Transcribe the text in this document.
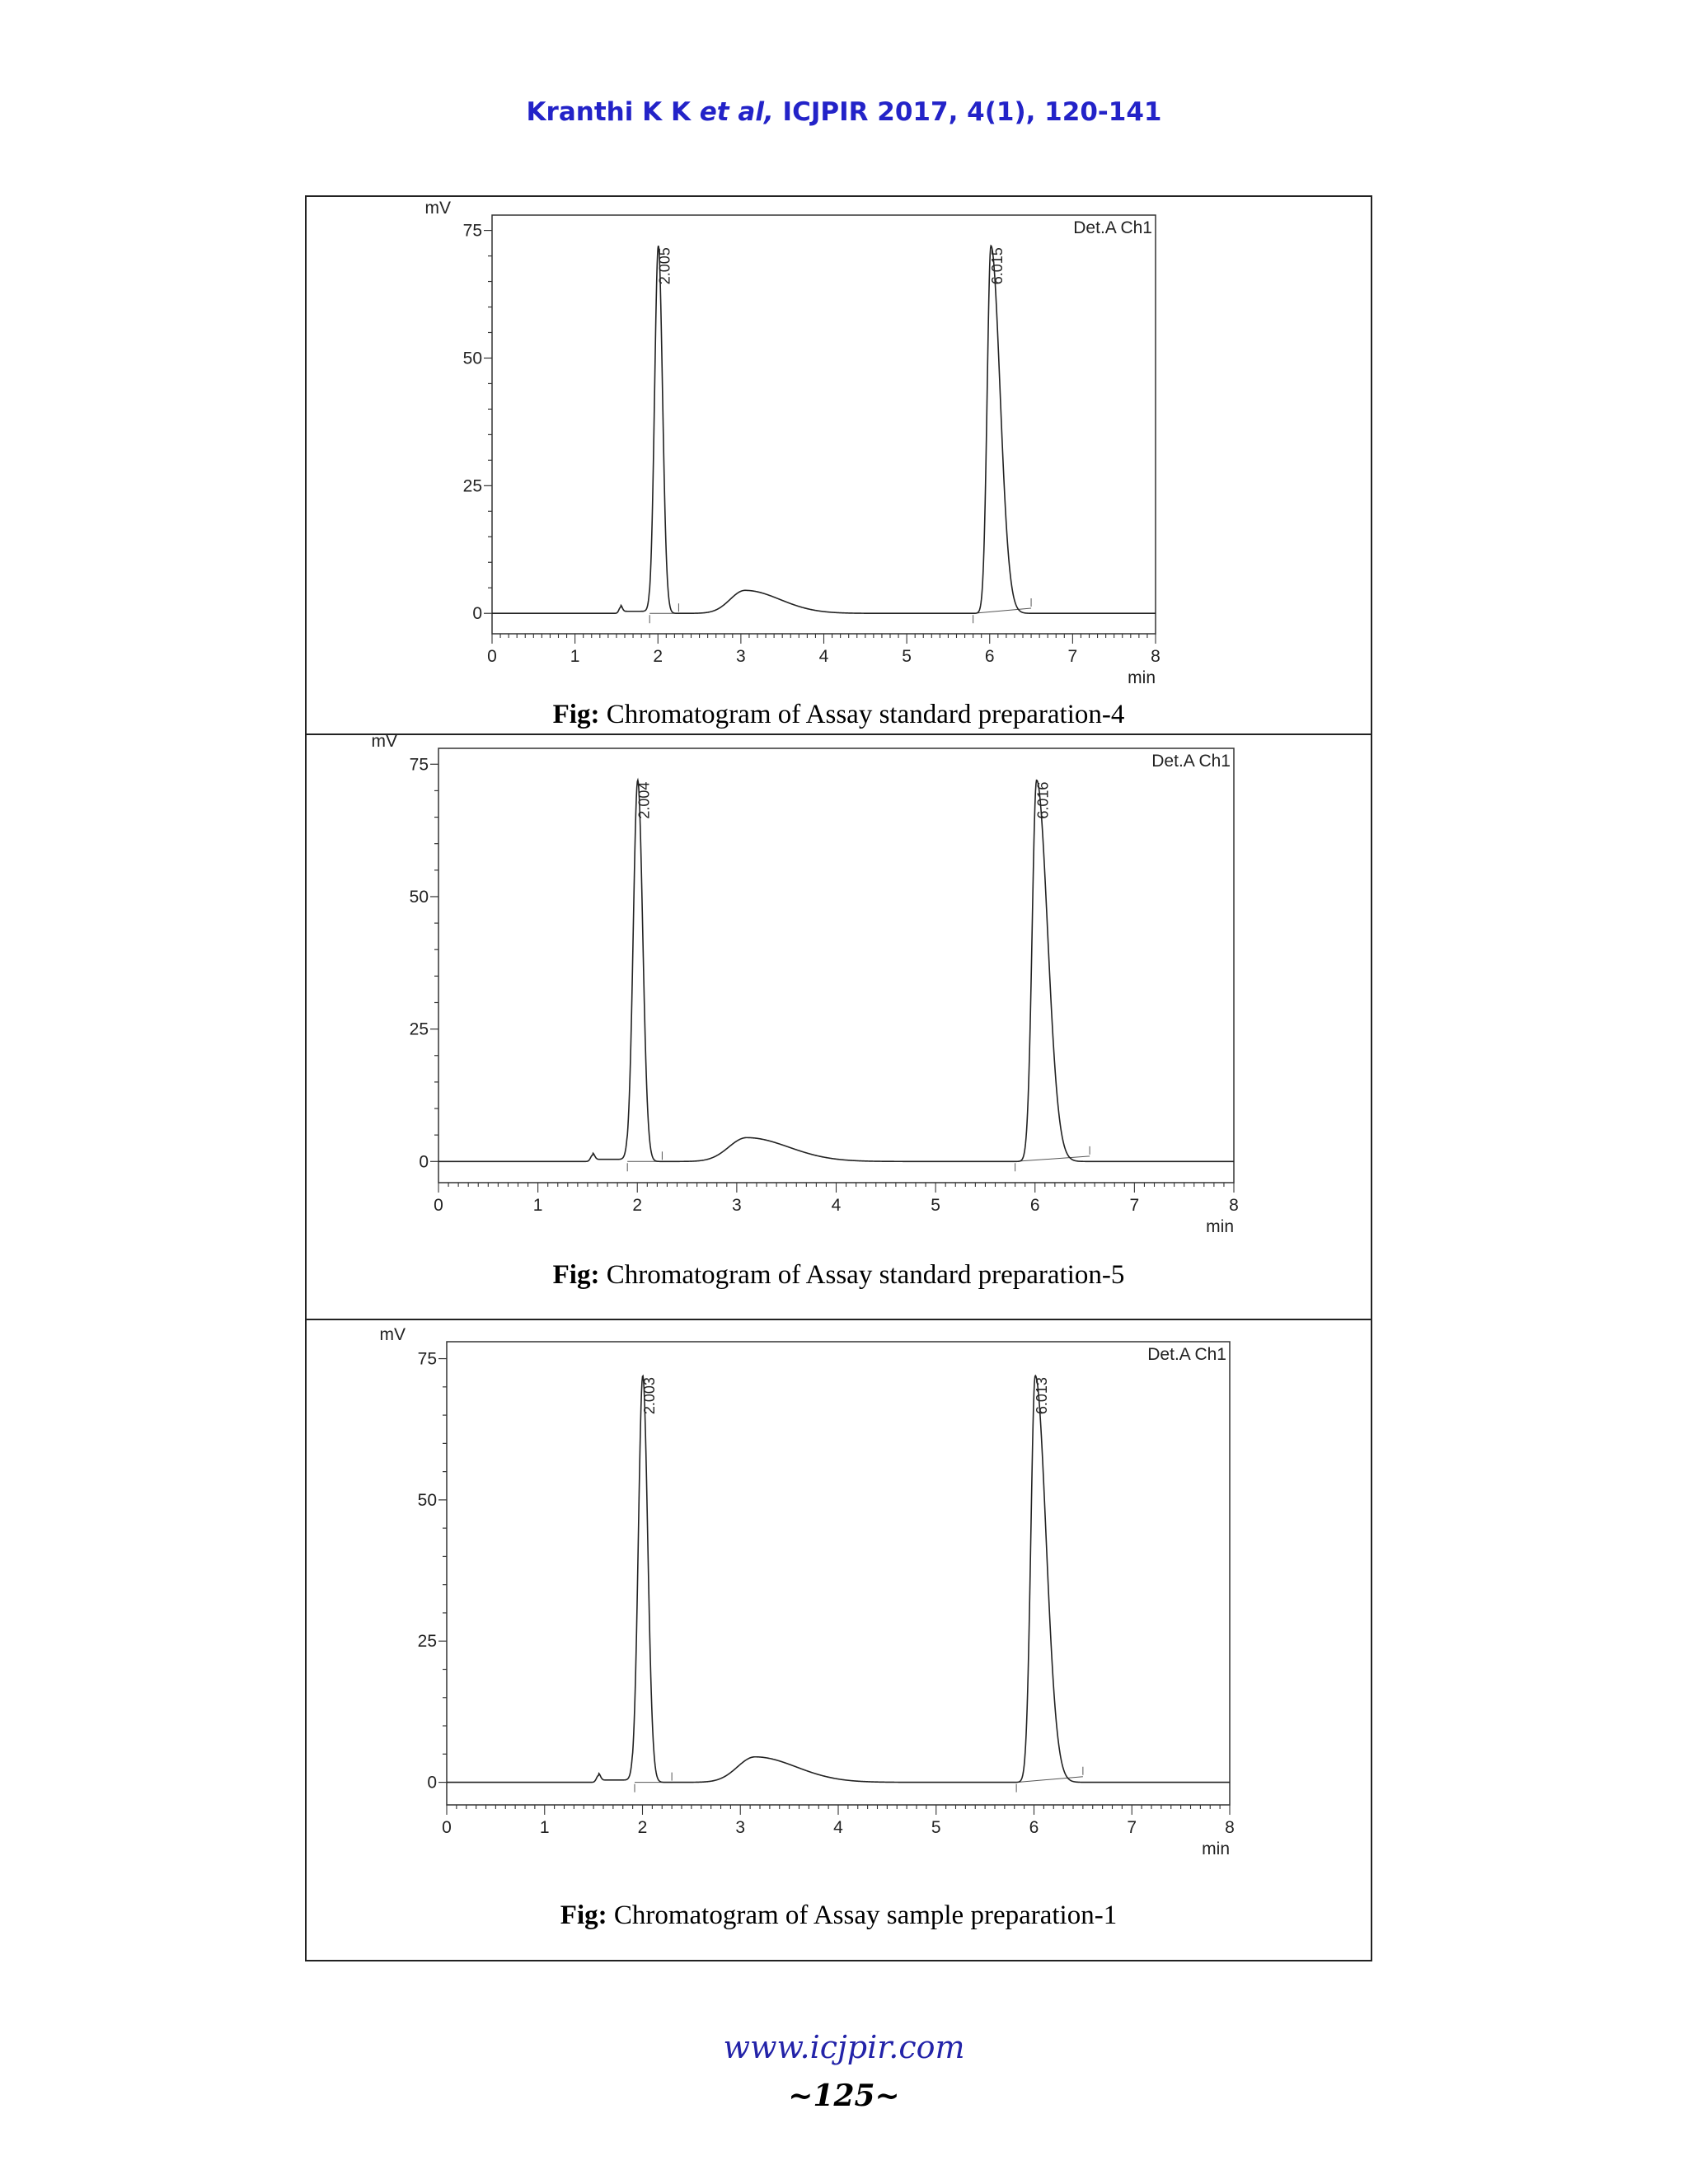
Kranthi K K et al, ICJPIR 2017, 4(1), 120-141
0
25
50
75
mV
0	1	2	3	4	5	6	7	8
min
Det.A Ch1
2.005	6.015
Fig: Chromatogram of Assay standard preparation-4
0
25
50
75
mV
0	1	2	3	4	5	6	7	8
min
Det.A Ch1
2.004	6.016
Fig: Chromatogram of Assay standard preparation-5
0
25
50
75
mV
0	1	2	3	4	5	6	7	8
min
Det.A Ch1
2.003	6.013
Fig: Chromatogram of Assay sample preparation-1
www.icjpir.com
~125~
